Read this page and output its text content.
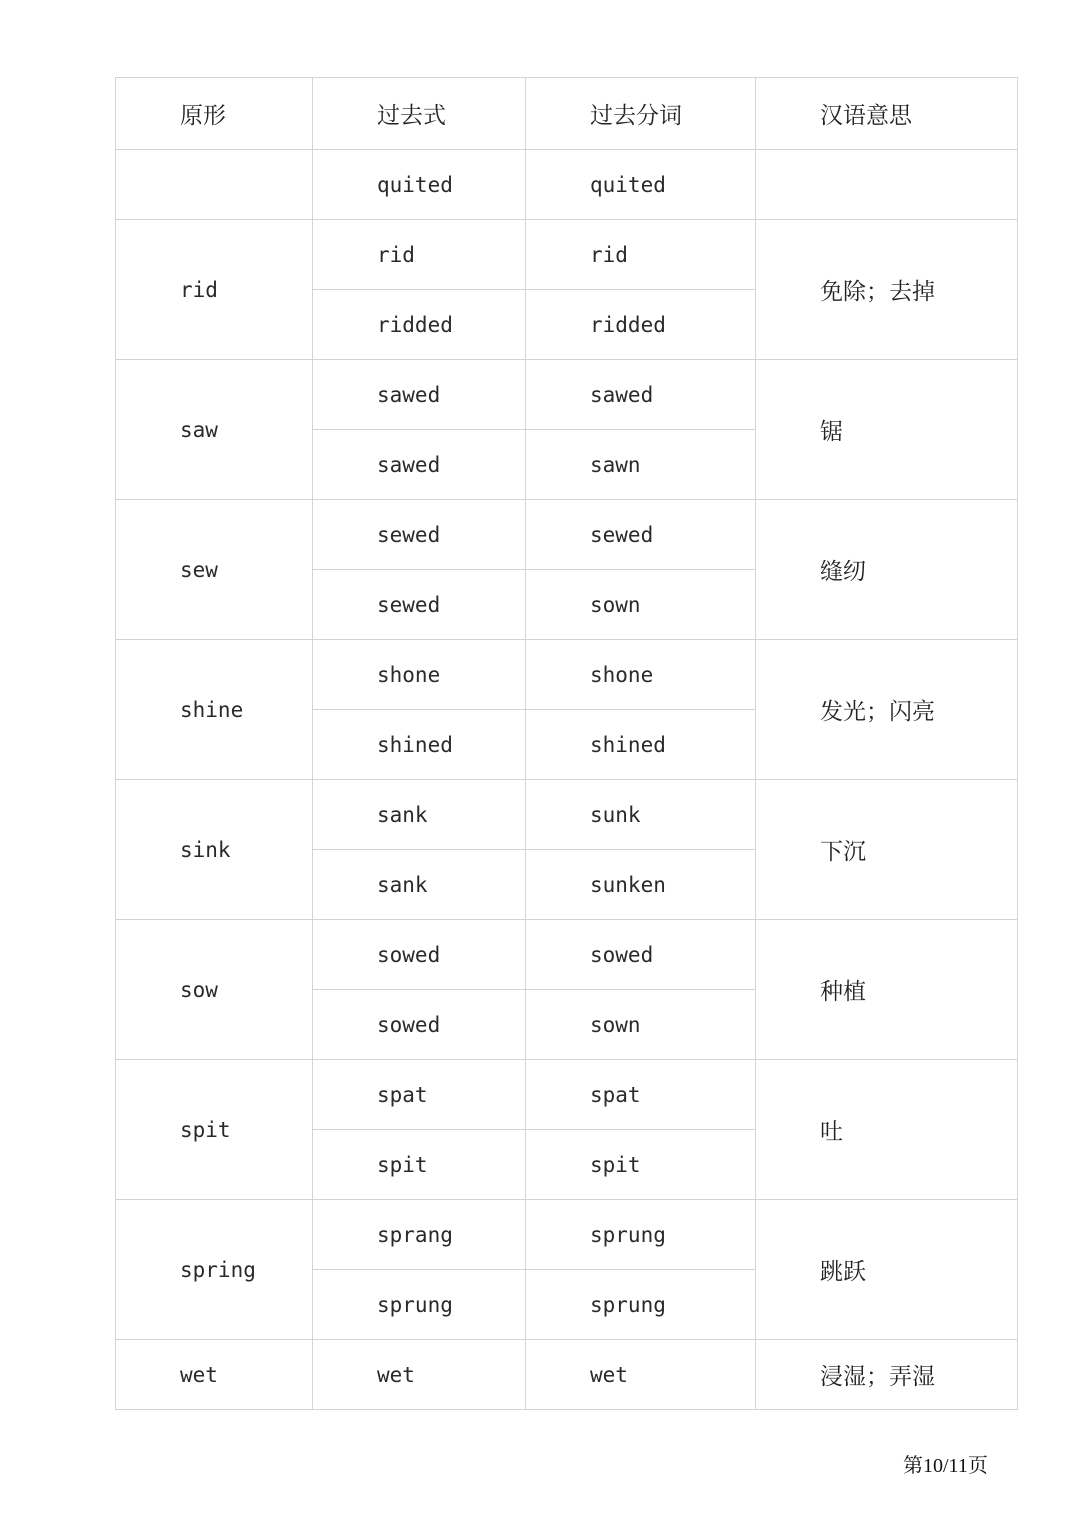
原形	过去式	过去分词	汉语意思
	quited	quited	
rid	rid	rid	免除；去掉
	ridded	ridded	
saw	sawed	sawed	锯
	sawed	sawn	
sew	sewed	sewed	缝纫
	sewed	sown	
shine	shone	shone	发光；闪亮
	shined	shined	
sink	sank	sunk	下沉
	sank	sunken	
sow	sowed	sowed	种植
	sowed	sown	
spit	spat	spat	吐
	spit	spit	
spring	sprang	sprung	跳跃
	sprung	sprung	
wet	wet	wet	浸湿；弄湿
第10/11页
